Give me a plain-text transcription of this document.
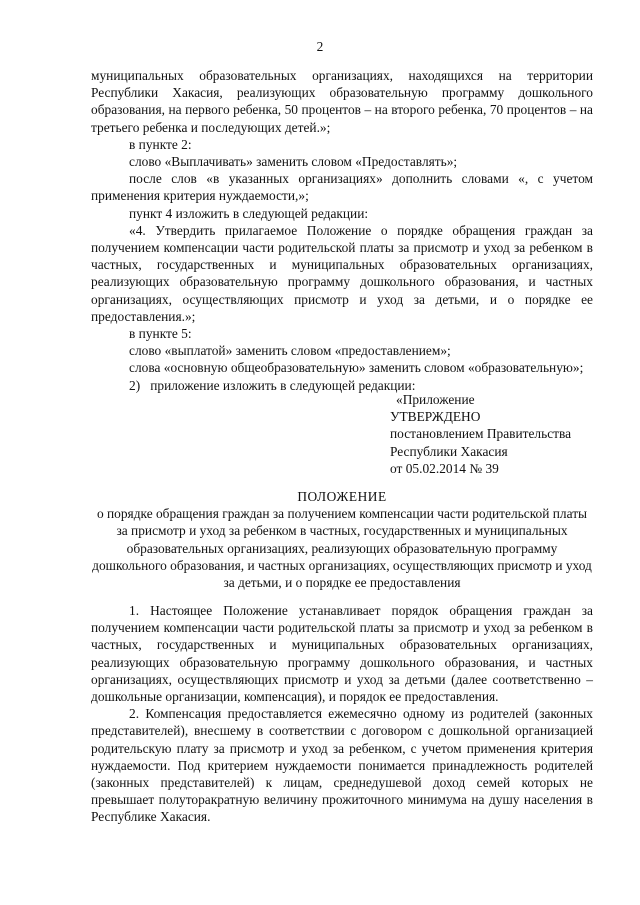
2

муниципальных образовательных организациях, находящихся на территории Республики Хакасия, реализующих образовательную программу дошкольного образования, на первого ребенка, 50 процентов – на второго ребенка, 70 процентов – на третьего ребенка и последующих детей.»;

в пункте 2:

слово «Выплачивать» заменить словом «Предоставлять»;

после слов «в указанных организациях» дополнить словами «, с учетом применения критерия нуждаемости,»;

пункт 4 изложить в следующей редакции:

«4. Утвердить прилагаемое Положение о порядке обращения граждан за получением компенсации части родительской платы за присмотр и уход за ребенком в частных, государственных и муниципальных образовательных организациях, реализующих образовательную программу дошкольного образования, и частных организациях, осуществляющих присмотр и уход за детьми, и о порядке ее предоставления.»;

в пункте 5:

слово «выплатой» заменить словом «предоставлением»;

слова «основную общеобразовательную» заменить словом «образовательную»;

2) приложение изложить в следующей редакции:

«Приложение
УТВЕРЖДЕНО
постановлением Правительства
Республики Хакасия
от 05.02.2014 № 39

ПОЛОЖЕНИЕ

о порядке обращения граждан за получением компенсации части родительской платы за присмотр и уход за ребенком в частных, государственных и муниципальных образовательных организациях, реализующих образовательную программу дошкольного образования, и частных организациях, осуществляющих присмотр и уход за детьми, и о порядке ее предоставления

1. Настоящее Положение устанавливает порядок обращения граждан за получением компенсации части родительской платы за присмотр и уход за ребенком в частных, государственных и муниципальных образовательных организациях, реализующих образовательную программу дошкольного образования, и частных организациях, осуществляющих присмотр и уход за детьми (далее соответственно – дошкольные организации, компенсация), и порядок ее предоставления.

2. Компенсация предоставляется ежемесячно одному из родителей (законных представителей), внесшему в соответствии с договором с дошкольной организацией родительскую плату за присмотр и уход за ребенком, с учетом применения критерия нуждаемости. Под критерием нуждаемости понимается принадлежность родителей (законных представителей) к лицам, среднедушевой доход семей которых не превышает полуторакратную величину прожиточного минимума на душу населения в Республике Хакасия.
